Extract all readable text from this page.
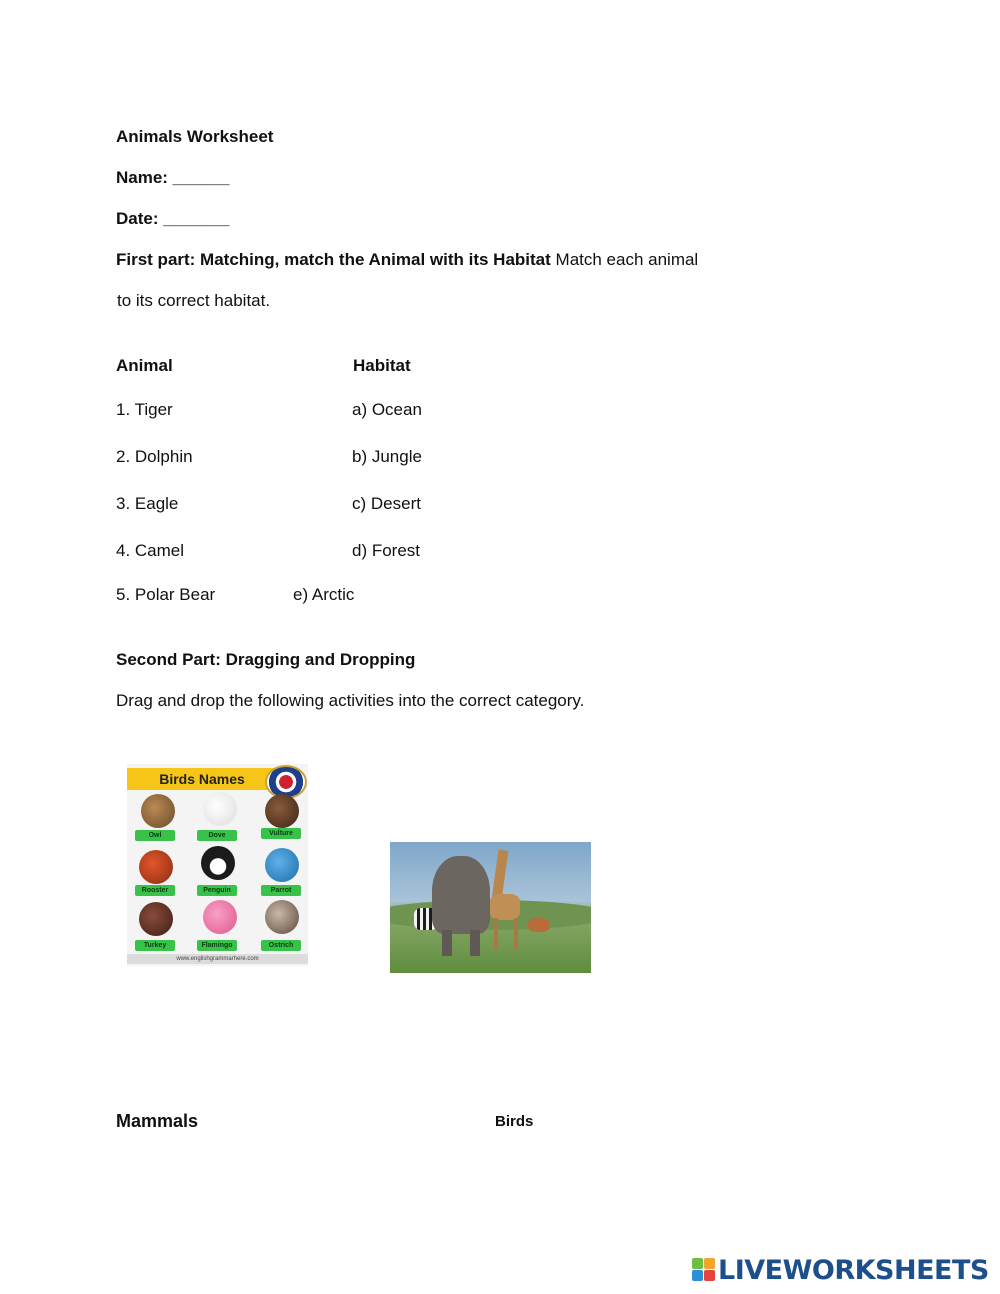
Animals Worksheet
Name: ______
Date: _______
First part: Matching, match the Animal with its Habitat Match each animal
to its correct habitat.
Animal	Habitat
1. Tiger	a) Ocean
2. Dolphin	b) Jungle
3. Eagle	c) Desert
4. Camel	d) Forest
5. Polar Bear	e) Arctic
Second Part: Dragging and Dropping
Drag and drop the following activities into the correct category.
Birds Names
Owl	Dove	Vulture
Rooster	Penguin	Parrot
Turkey	Flamingo	Ostrich
www.englishgrammarhere.com
Mammals	Birds
LIVEWORKSHEETS
